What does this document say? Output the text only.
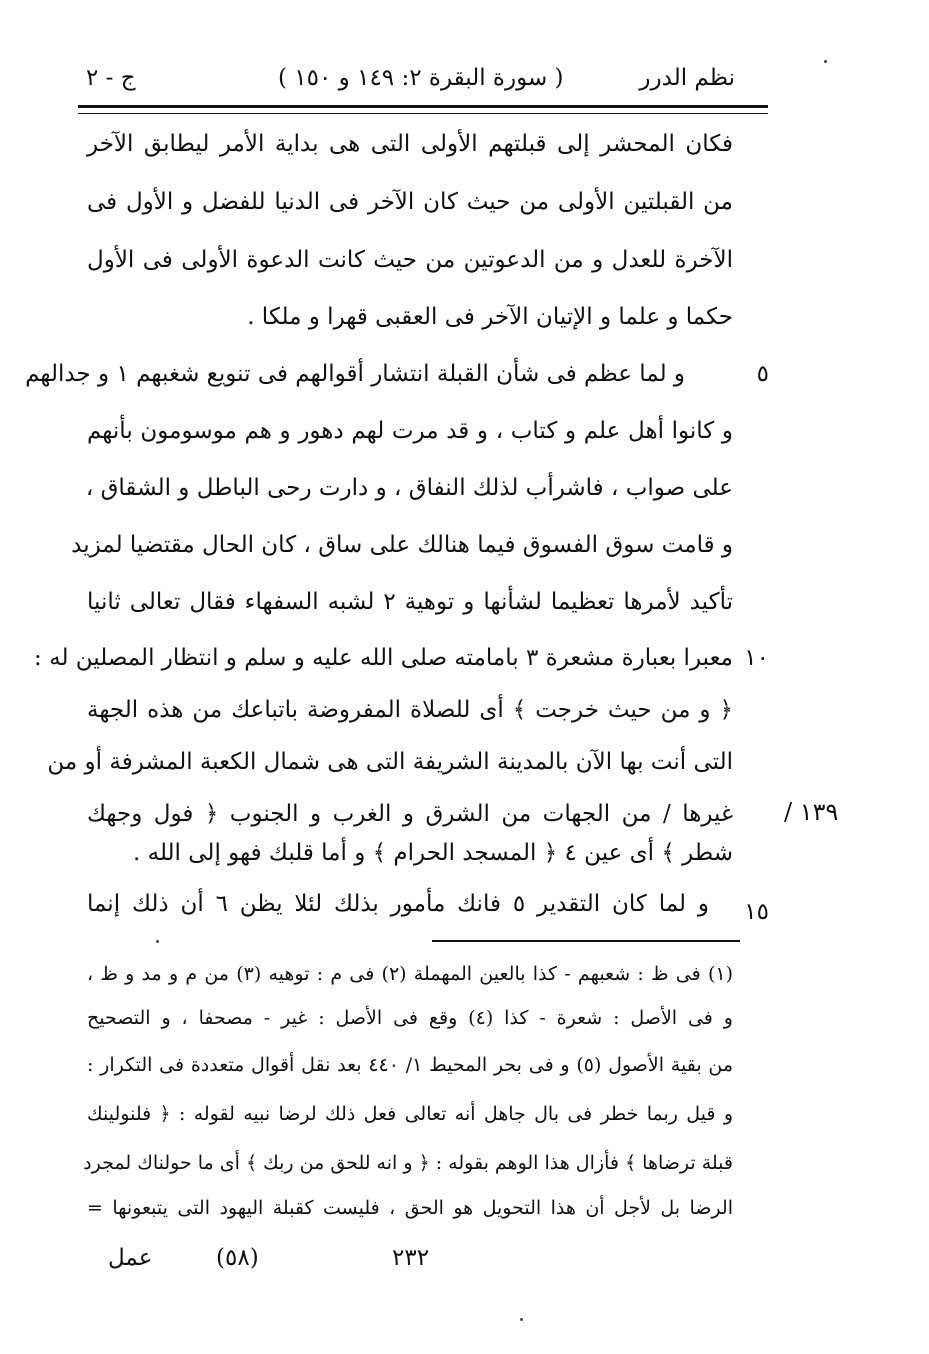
نظم الدرر
( سورة البقرة ٢: ١٤٩ و ١٥٠ )
ج - ٢
فكان المحشر إلى قبلتهم الأولى التى هى بداية الأمر ليطابق الآخر
من القبلتين الأولى من حيث كان الآخر فى الدنيا للفضل و الأول فى
الآخرة للعدل و من الدعوتين من حيث كانت الدعوة الأولى فى الأول
حكما و علما و الإتيان الآخر فى العقبى قهرا و ملكا .
٥
و لما عظم فى شأن القبلة انتشار أقوالهم فى تنويع شغبهم ١ و جدالهم
و كانوا أهل علم و كتاب ، و قد مرت لهم دهور و هم موسومون بأنهم
على صواب ، فاشرأب لذلك النفاق ، و دارت رحى الباطل و الشقاق ،
و قامت سوق الفسوق فيما هنالك على ساق ، كان الحال مقتضيا لمزيد
تأكيد لأمرها تعظيما لشأنها و توهية ٢ لشبه السفهاء فقال تعالى ثانيا
١٠
معبرا بعبارة مشعرة ٣ بامامته صلى الله عليه و سلم و انتظار المصلين له :
﴿ و من حيث خرجت ﴾ أى للصلاة المفروضة باتباعك من هذه الجهة
التى أنت بها الآن بالمدينة الشريفة التى هى شمال الكعبة المشرفة أو من
غيرها / من الجهات من الشرق و الغرب و الجنوب ﴿ فول وجهك ١٣٩ /
شطر ﴾ أى عين ٤ ﴿ المسجد الحرام ﴾ و أما قلبك فهو إلى الله .
١٥
و لما كان التقدير ٥ فانك مأمور بذلك لئلا يظن ٦ أن ذلك إنما
(١) فى ظ : شعبهم - كذا بالعين المهملة (٢) فى م : توهيه (٣) من م و مد و ظ ،
و فى الأصل : شعرة - كذا (٤) وقع فى الأصل : غير - مصحفا ، و التصحيح
من بقية الأصول (٥) و فى بحر المحيط ١/ ٤٤٠ بعد نقل أقوال متعددة فى التكرار :
و قيل ربما خطر فى بال جاهل أنه تعالى فعل ذلك لرضا نبيه لقوله : ﴿ فلنولينك
قبلة ترضاها ﴾ فأزال هذا الوهم بقوله : ﴿ و انه للحق من ربك ﴾ أى ما حولناك لمجرد
الرضا بل لأجل أن هذا التحويل هو الحق ، فليست كقبلة اليهود التى يتبعونها =
عمل	(٥٨)	٢٣٢
